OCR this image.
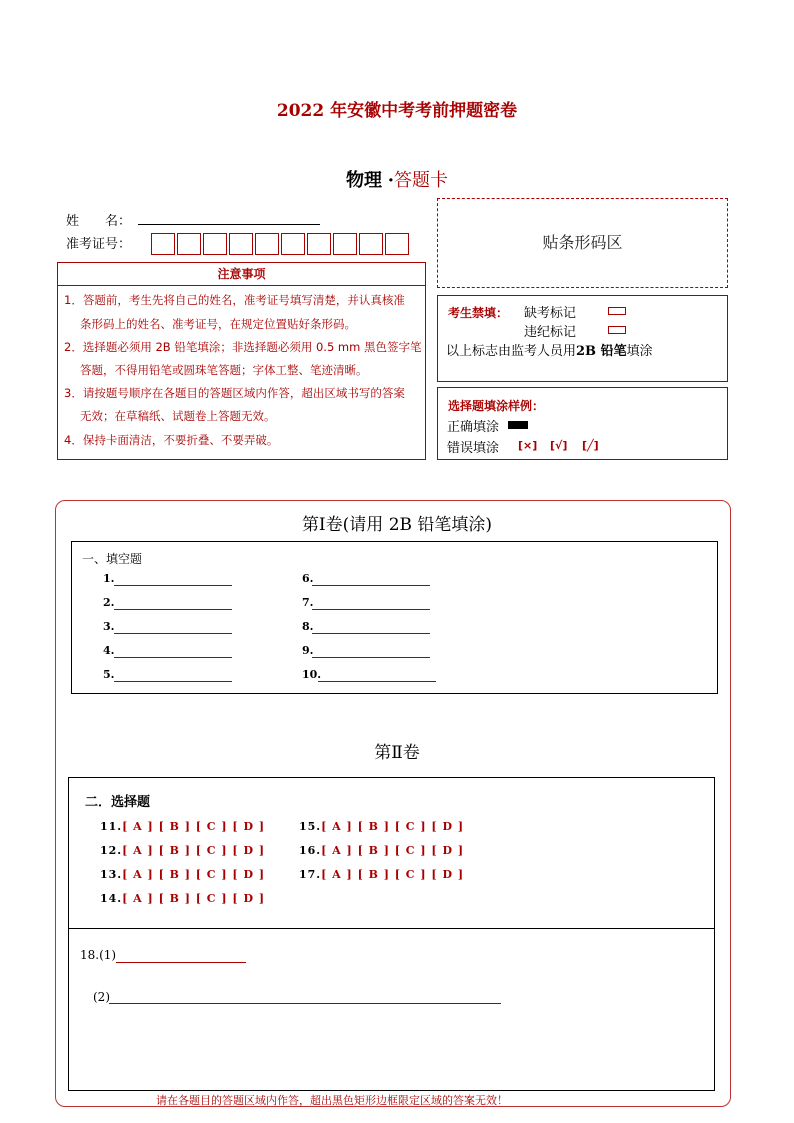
2022 年安徽中考考前押题密卷
物理 ·答题卡
姓　　名：
准考证号：	贴条形码区
注意事项
1．答题前，考生先将自己的姓名，准考证号填写清楚，并认真核准
条形码上的姓名、准考证号，在规定位置贴好条形码。
2．选择题必须用 2B 铅笔填涂；非选择题必须用 0.5 mm 黑色签字笔
答题，不得用铅笔或圆珠笔答题；字体工整、笔迹清晰。
3．请按题号顺序在各题目的答题区域内作答，超出区域书写的答案
无效；在草稿纸、试题卷上答题无效。
4．保持卡面清洁，不要折叠、不要弄破。
考生禁填： 缺考标记
违纪标记
以上标志由监考人员用2B 铅笔填涂
选择题填涂样例：
正确填涂
错误填涂 [×] [√] [╱]
第Ⅰ卷(请用 2B 铅笔填涂)
一、填空题
1.
2.
3.
4.
5.
6.
7.
8.
9.
10.
第Ⅱ卷
二．选择题
11.[ A ] [ B ] [ C ] [ D ]
12.[ A ] [ B ] [ C ] [ D ]
13.[ A ] [ B ] [ C ] [ D ]
14.[ A ] [ B ] [ C ] [ D ]
15.[ A ] [ B ] [ C ] [ D ]
16.[ A ] [ B ] [ C ] [ D ]
17.[ A ] [ B ] [ C ] [ D ]
18.(1)
(2)
请在各题目的答题区域内作答，超出黑色矩形边框限定区域的答案无效！
